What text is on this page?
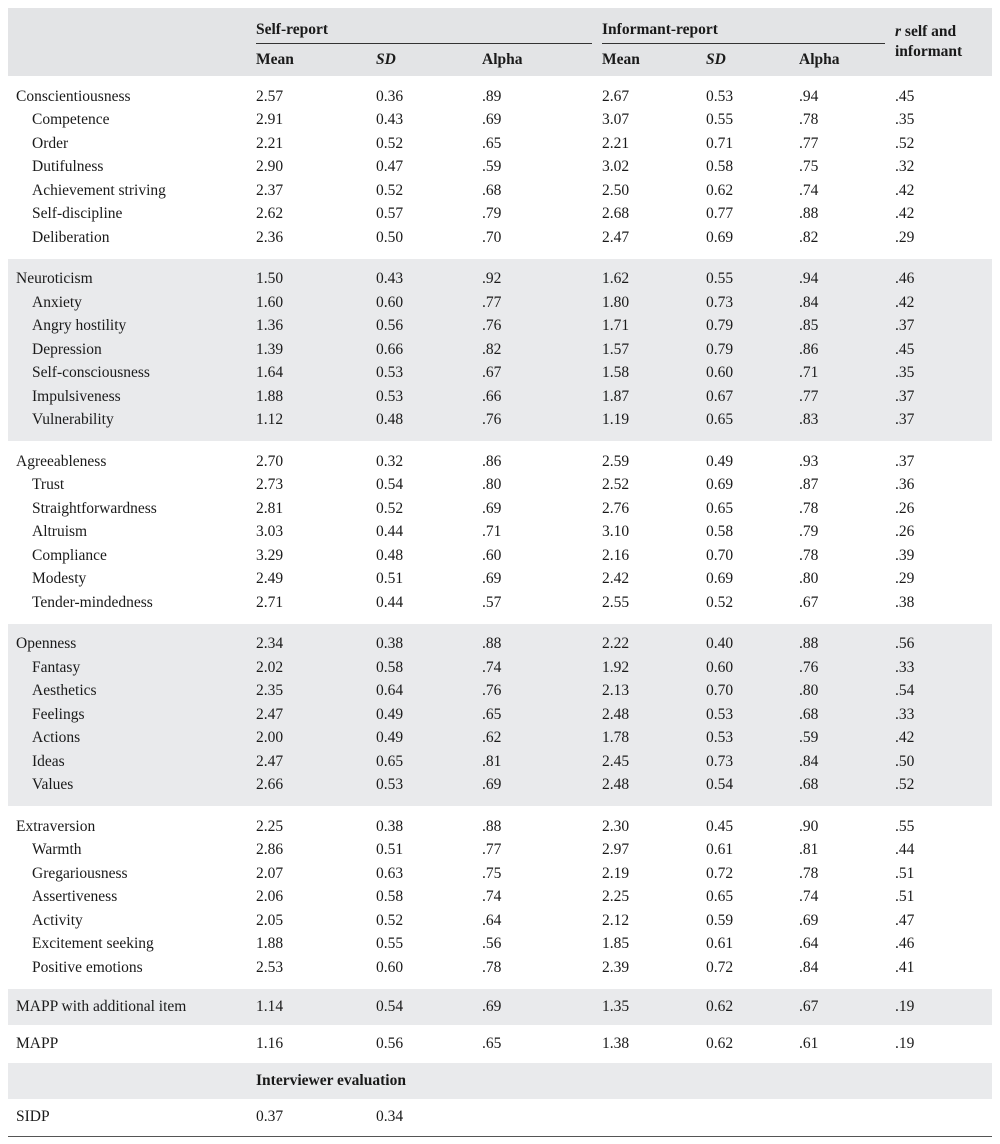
	Self-report			Informant-report			r self and
informant
	Mean	SD	Alpha	Mean	SD	Alpha	

Conscientiousness	2.57	0.36	.89	2.67	0.53	.94	.45
Competence	2.91	0.43	.69	3.07	0.55	.78	.35
Order	2.21	0.52	.65	2.21	0.71	.77	.52
Dutifulness	2.90	0.47	.59	3.02	0.58	.75	.32
Achievement striving	2.37	0.52	.68	2.50	0.62	.74	.42
Self-discipline	2.62	0.57	.79	2.68	0.77	.88	.42
Deliberation	2.36	0.50	.70	2.47	0.69	.82	.29

Neuroticism	1.50	0.43	.92	1.62	0.55	.94	.46
Anxiety	1.60	0.60	.77	1.80	0.73	.84	.42
Angry hostility	1.36	0.56	.76	1.71	0.79	.85	.37
Depression	1.39	0.66	.82	1.57	0.79	.86	.45
Self-consciousness	1.64	0.53	.67	1.58	0.60	.71	.35
Impulsiveness	1.88	0.53	.66	1.87	0.67	.77	.37
Vulnerability	1.12	0.48	.76	1.19	0.65	.83	.37

Agreeableness	2.70	0.32	.86	2.59	0.49	.93	.37
Trust	2.73	0.54	.80	2.52	0.69	.87	.36
Straightforwardness	2.81	0.52	.69	2.76	0.65	.78	.26
Altruism	3.03	0.44	.71	3.10	0.58	.79	.26
Compliance	3.29	0.48	.60	2.16	0.70	.78	.39
Modesty	2.49	0.51	.69	2.42	0.69	.80	.29
Tender-mindedness	2.71	0.44	.57	2.55	0.52	.67	.38

Openness	2.34	0.38	.88	2.22	0.40	.88	.56
Fantasy	2.02	0.58	.74	1.92	0.60	.76	.33
Aesthetics	2.35	0.64	.76	2.13	0.70	.80	.54
Feelings	2.47	0.49	.65	2.48	0.53	.68	.33
Actions	2.00	0.49	.62	1.78	0.53	.59	.42
Ideas	2.47	0.65	.81	2.45	0.73	.84	.50
Values	2.66	0.53	.69	2.48	0.54	.68	.52

Extraversion	2.25	0.38	.88	2.30	0.45	.90	.55
Warmth	2.86	0.51	.77	2.97	0.61	.81	.44
Gregariousness	2.07	0.63	.75	2.19	0.72	.78	.51
Assertiveness	2.06	0.58	.74	2.25	0.65	.74	.51
Activity	2.05	0.52	.64	2.12	0.59	.69	.47
Excitement seeking	1.88	0.55	.56	1.85	0.61	.64	.46
Positive emotions	2.53	0.60	.78	2.39	0.72	.84	.41

MAPP with additional item	1.14	0.54	.69	1.35	0.62	.67	.19
MAPP	1.16	0.56	.65	1.38	0.62	.61	.19
	Interviewer evaluation						
SIDP	0.37	0.34					
